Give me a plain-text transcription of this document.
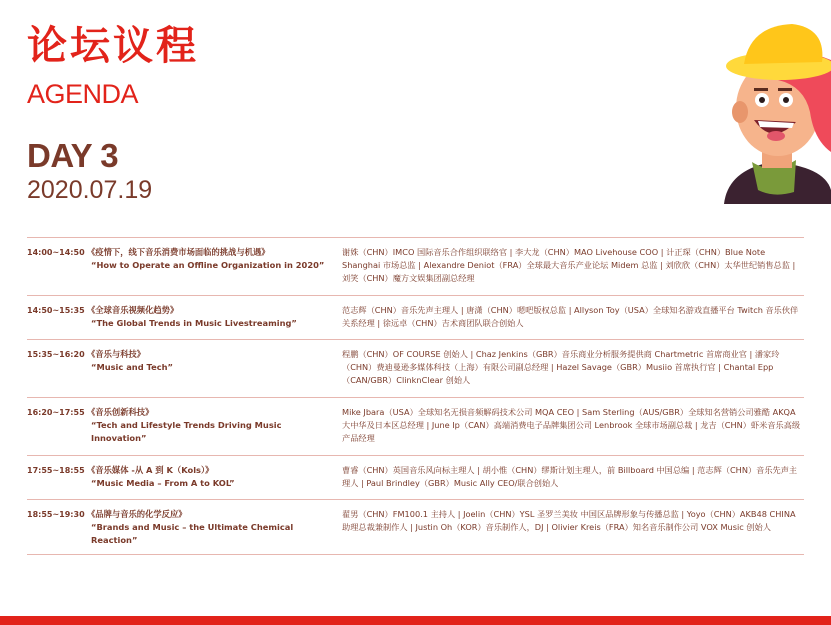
论坛议程
AGENDA
DAY 3
2020.07.19
14:00~14:50 《疫情下，线下音乐消费市场面临的挑战与机遇》
“How to Operate an Offline Organization in 2020”
谢姝（CHN）IMCO 国际音乐合作组织联络官 | 李大龙（CHN）MAO Livehouse COO | 计正琛（CHN）Blue Note Shanghai 市场总监 | Alexandre Deniot（FRA）全球最大音乐产业论坛 Midem 总监 | 刘欣欣（CHN）太华世纪销售总监 | 刘笑（CHN）魔方文娱集团副总经理
14:50~15:35 《全球音乐视频化趋势》
“The Global Trends in Music Livestreaming”
范志辉（CHN）音乐先声主理人 | 唐潇（CHN）嗯吧版权总监 | Allyson Toy（USA）全球知名游戏直播平台 Twitch 音乐伙伴关系经理 | 徐远卓（CHN）吉术商团队联合创始人
15:35~16:20 《音乐与科技》
“Music and Tech”
程鹏（CHN）OF COURSE 创始人 | Chaz Jenkins（GBR）音乐商业分析服务提供商 Chartmetric 首席商业官 | 潘家玲（CHN）费迪曼逊多媒体科技（上海）有限公司副总经理 | Hazel Savage（GBR）Musiio 首席执行官 | Chantal Epp（CAN/GBR）ClinknClear 创始人
16:20~17:55 《音乐创新科技》
“Tech and Lifestyle Trends Driving Music Innovation”
Mike Jbara（USA）全球知名无损音频解码技术公司 MQA CEO | Sam Sterling（AUS/GBR）全球知名营销公司雅酷 AKQA 大中华及日本区总经理 | June Ip（CAN）高端消费电子品牌集团公司 Lenbrook 全球市场副总裁 | 龙吉（CHN）虾米音乐高级产品经理
17:55~18:55 《音乐媒体 -从 A 到 K（Kols）》
“Music Media – From A to KOL”
曹睿（CHN）英国音乐风向标主理人 | 胡小惟（CHN）缪斯计划主理人，前 Billboard 中国总编 | 范志辉（CHN）音乐先声主理人 | Paul Brindley（GBR）Music Ally CEO/联合创始人
18:55~19:30 《品牌与音乐的化学反应》
“Brands and Music – the Ultimate Chemical Reaction”
翟男（CHN）FM100.1 主持人 | Joelin（CHN）YSL 圣罗兰美妆 中国区品牌形象与传播总监 | Yoyo（CHN）AKB48 CHINA 助理总裁兼制作人 | Justin Oh（KOR）音乐制作人，DJ | Olivier Kreis（FRA）知名音乐制作公司 VOX Music 创始人
